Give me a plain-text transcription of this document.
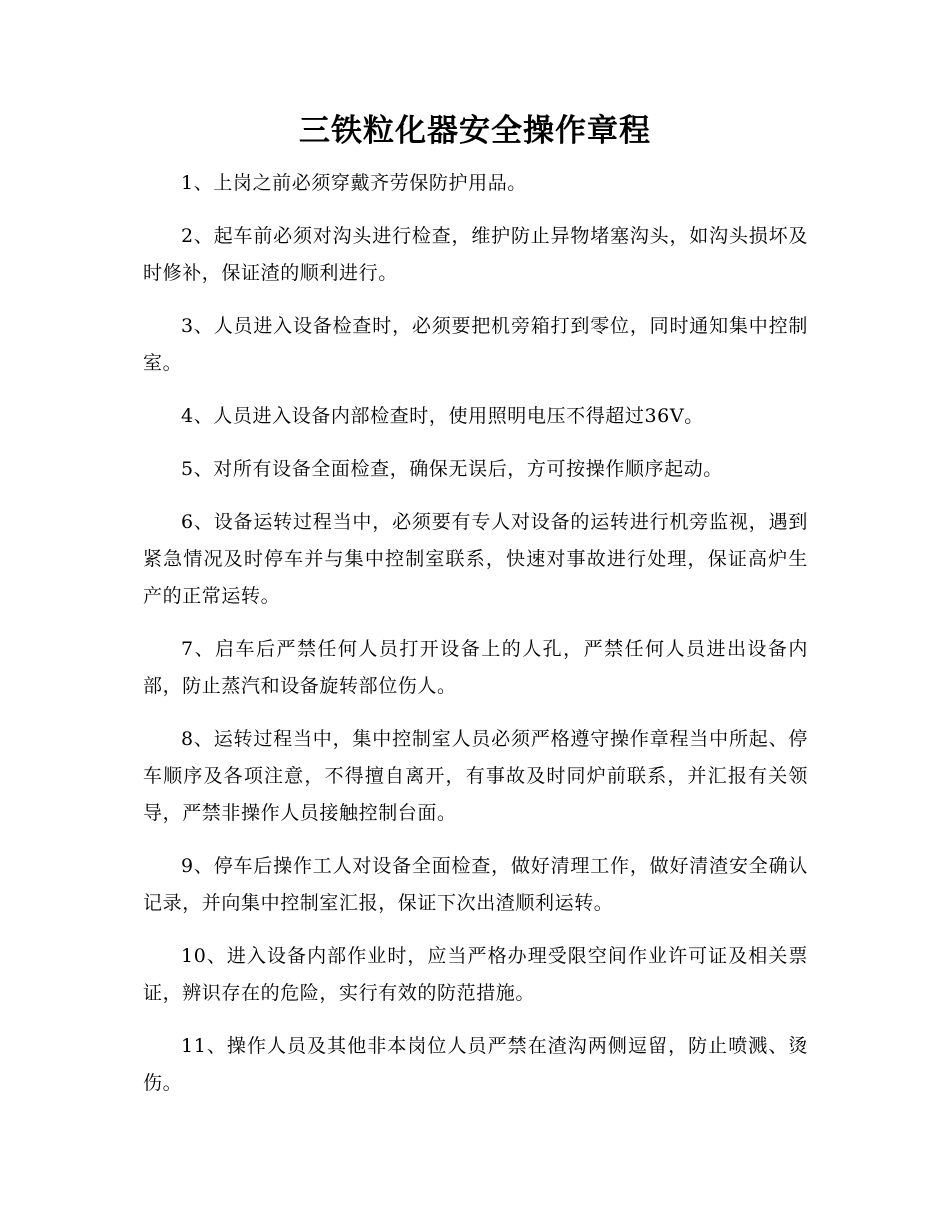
三铁粒化器安全操作章程

1、上岗之前必须穿戴齐劳保防护用品。

2、起车前必须对沟头进行检查，维护防止异物堵塞沟头，如沟头损坏及时修补，保证渣的顺利进行。

3、人员进入设备检查时，必须要把机旁箱打到零位，同时通知集中控制室。

4、人员进入设备内部检查时，使用照明电压不得超过36V。

5、对所有设备全面检查，确保无误后，方可按操作顺序起动。

6、设备运转过程当中，必须要有专人对设备的运转进行机旁监视，遇到紧急情况及时停车并与集中控制室联系，快速对事故进行处理，保证高炉生产的正常运转。

7、启车后严禁任何人员打开设备上的人孔，严禁任何人员进出设备内部，防止蒸汽和设备旋转部位伤人。

8、运转过程当中，集中控制室人员必须严格遵守操作章程当中所起、停车顺序及各项注意，不得擅自离开，有事故及时同炉前联系，并汇报有关领导，严禁非操作人员接触控制台面。

9、停车后操作工人对设备全面检查，做好清理工作，做好清渣安全确认记录，并向集中控制室汇报，保证下次出渣顺利运转。

10、进入设备内部作业时，应当严格办理受限空间作业许可证及相关票证，辨识存在的危险，实行有效的防范措施。

11、操作人员及其他非本岗位人员严禁在渣沟两侧逗留，防止喷溅、烫伤。
